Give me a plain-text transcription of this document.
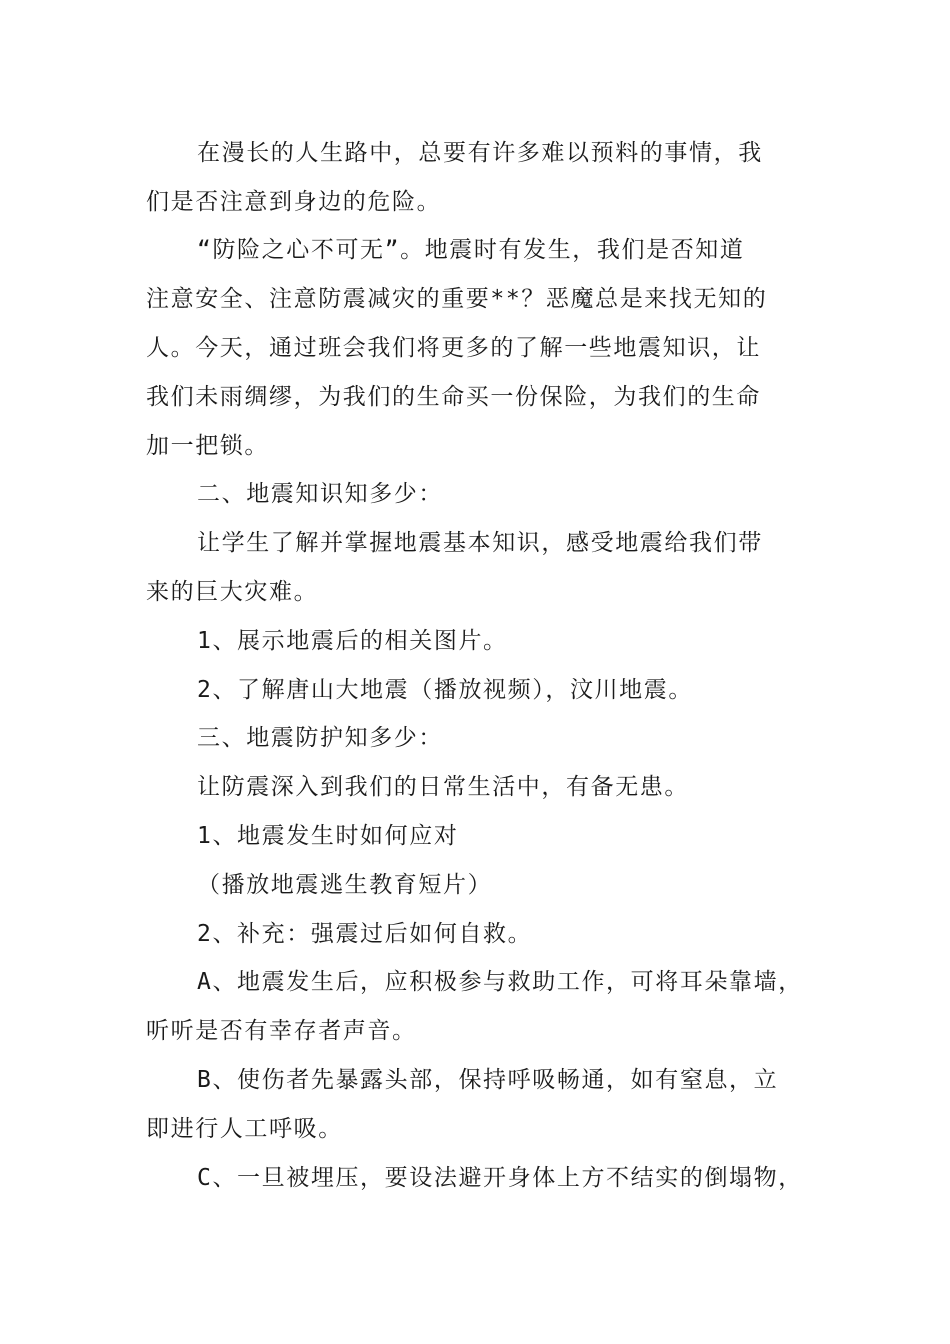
在漫长的人生路中，总要有许多难以预料的事情，我
们是否注意到身边的危险。
“防险之心不可无”。地震时有发生，我们是否知道
注意安全、注意防震减灾的重要**？恶魔总是来找无知的
人。今天，通过班会我们将更多的了解一些地震知识，让
我们未雨绸缪，为我们的生命买一份保险，为我们的生命
加一把锁。
二、地震知识知多少：
让学生了解并掌握地震基本知识，感受地震给我们带
来的巨大灾难。
1、展示地震后的相关图片。
2、了解唐山大地震（播放视频），汶川地震。
三、地震防护知多少：
让防震深入到我们的日常生活中，有备无患。
1、地震发生时如何应对
（播放地震逃生教育短片）
2、补充：强震过后如何自救。
A、地震发生后，应积极参与救助工作，可将耳朵靠墙，
听听是否有幸存者声音。
B、使伤者先暴露头部，保持呼吸畅通，如有窒息，立
即进行人工呼吸。
C、一旦被埋压，要设法避开身体上方不结实的倒塌物，
